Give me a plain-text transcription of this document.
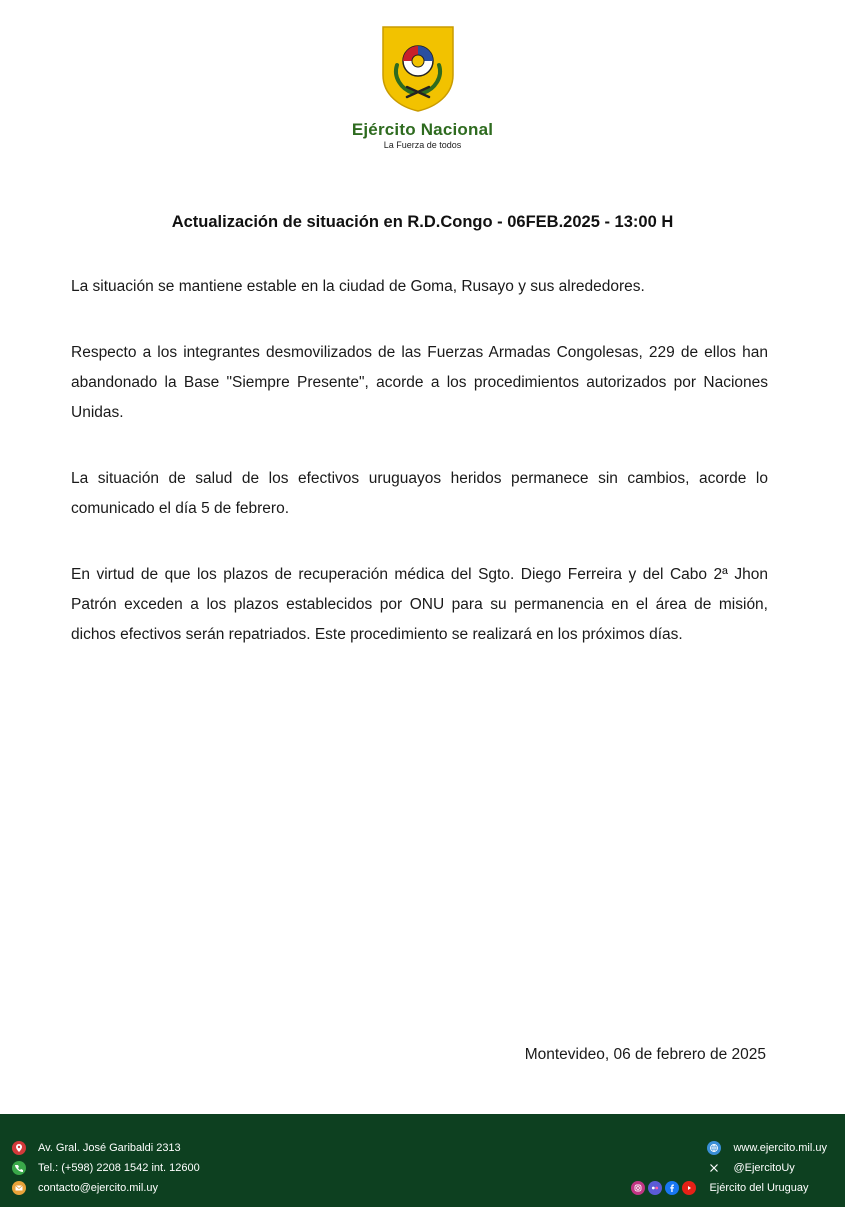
Ejército Nacional
La Fuerza de todos
Actualización de situación en R.D.Congo - 06FEB.2025 - 13:00 H

La situación se mantiene estable en la ciudad de Goma, Rusayo y sus alrededores.

Respecto a los integrantes desmovilizados de las Fuerzas Armadas Congolesas, 229 de ellos han abandonado la Base "Siempre Presente", acorde a los procedimientos autorizados por Naciones Unidas.

La situación de salud de los efectivos uruguayos heridos permanece sin cambios, acorde lo comunicado el día 5 de febrero.

En virtud de que los plazos de recuperación médica del Sgto. Diego Ferreira y del Cabo 2ª Jhon Patrón exceden a los plazos establecidos por ONU para su permanencia en el área de misión, dichos efectivos serán repatriados. Este procedimiento se realizará en los próximos días.

Montevideo, 06 de febrero de 2025
Av. Gral. José Garibaldi 2313
Tel.: (+598) 2208 1542 int. 12600
contacto@ejercito.mil.uy
www.ejercito.mil.uy
@EjercitoUy
Ejército del Uruguay
